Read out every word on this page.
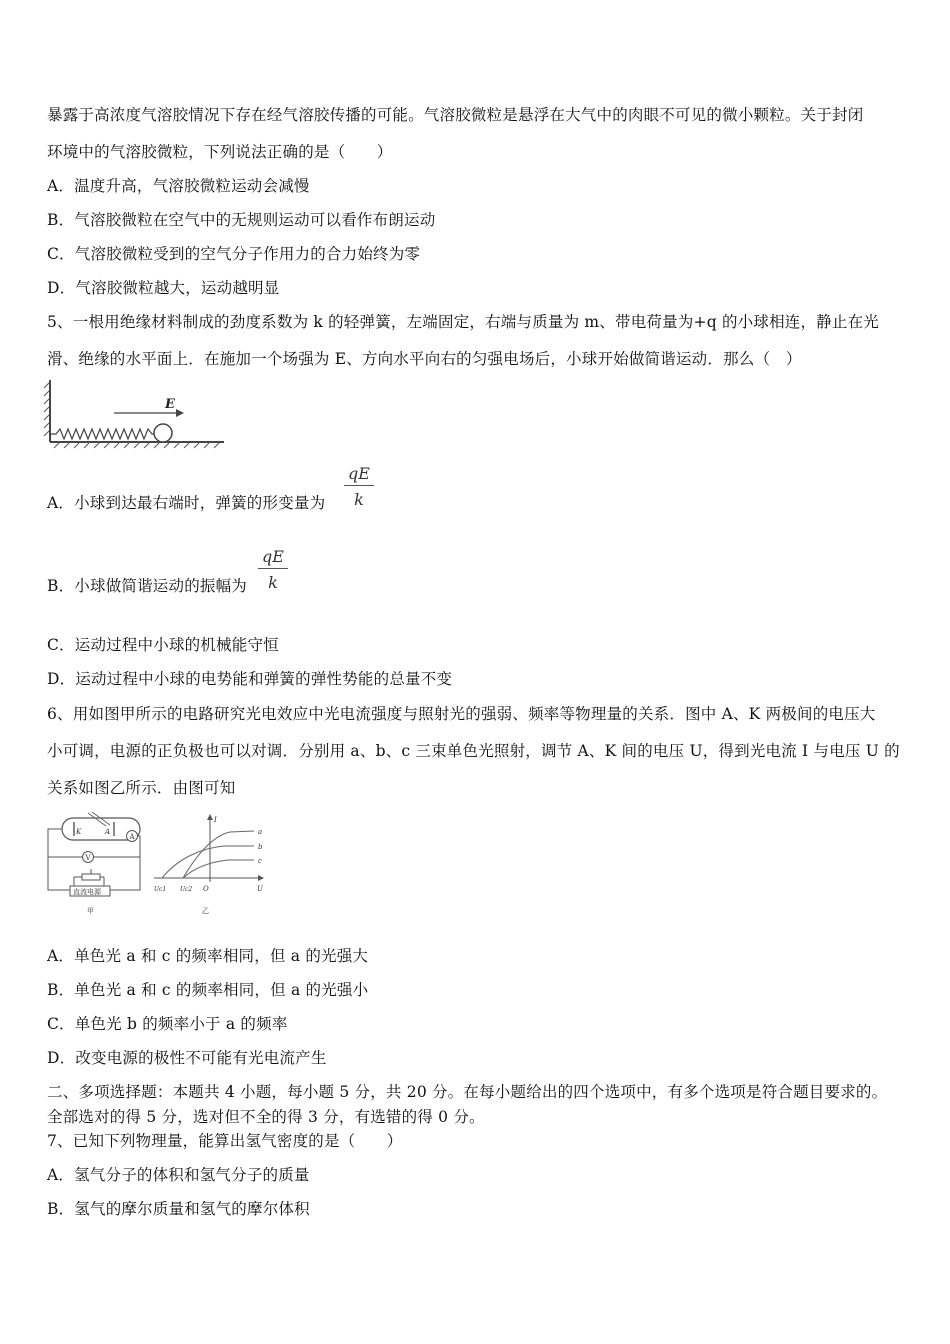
暴露于高浓度气溶胶情况下存在经气溶胶传播的可能。气溶胶微粒是悬浮在大气中的肉眼不可见的微小颗粒。关于封闭
环境中的气溶胶微粒，下列说法正确的是（　　）
A．温度升高，气溶胶微粒运动会减慢
B．气溶胶微粒在空气中的无规则运动可以看作布朗运动
C．气溶胶微粒受到的空气分子作用力的合力始终为零
D．气溶胶微粒越大，运动越明显
5、一根用绝缘材料制成的劲度系数为 k 的轻弹簧，左端固定，右端与质量为 m、带电荷量为+q 的小球相连，静止在光
滑、绝缘的水平面上．在施加一个场强为 E、方向水平向右的匀强电场后，小球开始做简谐运动．那么（　）
E
A．小球到达最右端时，弹簧的形变量为 $\frac{qE}{k}$
B．小球做简谐运动的振幅为 $\frac{qE}{k}$
C．运动过程中小球的机械能守恒
D．运动过程中小球的电势能和弹簧的弹性势能的总量不变
6、用如图甲所示的电路研究光电效应中光电流强度与照射光的强弱、频率等物理量的关系．图中 A、K 两极间的电压大
小可调，电源的正负极也可以对调．分别用 a、b、c 三束单色光照射，调节 A、K 间的电压 U，得到光电流 I 与电压 U 的
关系如图乙所示．由图可知
K	A
A
V
直流电源
甲
I
U
O
Uc1 Uc2
a
b
c
乙
A．单色光 a 和 c 的频率相同，但 a 的光强大
B．单色光 a 和 c 的频率相同，但 a 的光强小
C．单色光 b 的频率小于 a 的频率
D．改变电源的极性不可能有光电流产生
二、多项选择题：本题共 4 小题，每小题 5 分，共 20 分。在每小题给出的四个选项中，有多个选项是符合题目要求的。
全部选对的得 5 分，选对但不全的得 3 分，有选错的得 0 分。
7、已知下列物理量，能算出氢气密度的是（　　）
A．氢气分子的体积和氢气分子的质量
B．氢气的摩尔质量和氢气的摩尔体积
